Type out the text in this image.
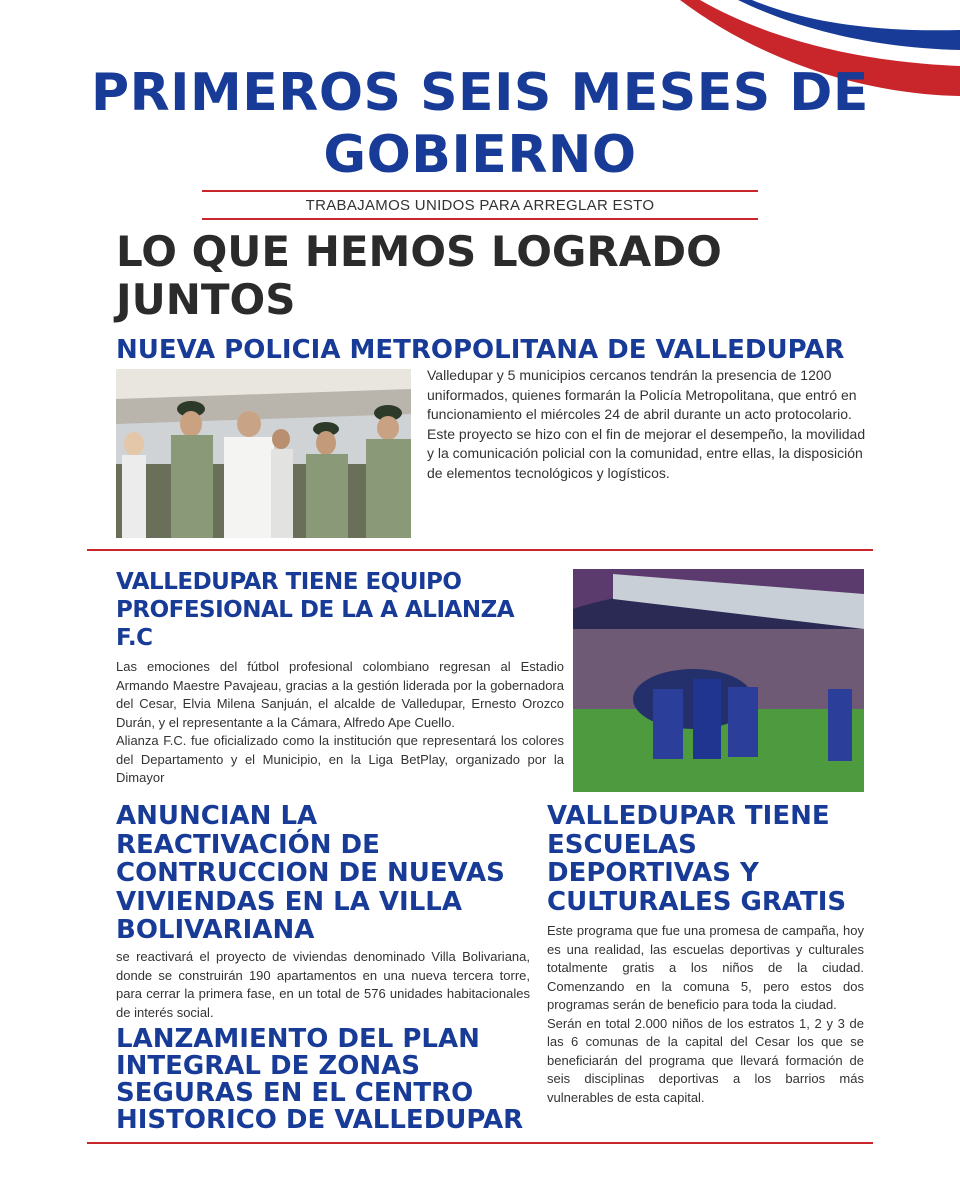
PRIMEROS SEIS MESES DE GOBIERNO
TRABAJAMOS UNIDOS PARA ARREGLAR ESTO
LO QUE HEMOS LOGRADO JUNTOS
NUEVA POLICIA METROPOLITANA DE VALLEDUPAR

Valledupar y 5 municipios cercanos tendrán la presencia de 1200 uniformados, quienes formarán la Policía Metropolitana, que entró en funcionamiento el miércoles 24 de abril durante un acto protocolario.

Este proyecto se hizo con el fin de mejorar el desempeño, la movilidad y la comunicación policial con la comunidad, entre ellas, la disposición de elementos tecnológicos y logísticos.

VALLEDUPAR TIENE EQUIPO PROFESIONAL DE LA A ALIANZA F.C

Las emociones del fútbol profesional colombiano regresan al Estadio Armando Maestre Pavajeau, gracias a la gestión liderada por la gobernadora del Cesar, Elvia Milena Sanjuán, el alcalde de Valledupar, Ernesto Orozco Durán, y el representante a la Cámara, Alfredo Ape Cuello.

Alianza F.C. fue oficializado como la institución que representará los colores del Departamento y el Municipio, en la Liga BetPlay, organizado por la Dimayor

ANUNCIAN LA REACTIVACIÓN DE CONTRUCCION DE NUEVAS VIVIENDAS EN LA VILLA BOLIVARIANA

se reactivará el proyecto de viviendas denominado Villa Bolivariana, donde se construirán 190 apartamentos en una nueva tercera torre, para cerrar la primera fase, en un total de 576 unidades habitacionales de interés social.

LANZAMIENTO DEL PLAN INTEGRAL DE ZONAS SEGURAS EN EL CENTRO HISTORICO DE VALLEDUPAR
VALLEDUPAR TIENE ESCUELAS DEPORTIVAS Y CULTURALES GRATIS

Este programa que fue una promesa de campaña, hoy es una realidad, las escuelas deportivas y culturales totalmente gratis a los niños de la ciudad. Comenzando en la comuna 5, pero estos dos programas serán de beneficio para toda la ciudad.

Serán en total 2.000 niños de los estratos 1, 2 y 3 de las 6 comunas de la capital del Cesar los que se beneficiarán del programa que llevará formación de seis disciplinas deportivas a los barrios más vulnerables de esta capital.
